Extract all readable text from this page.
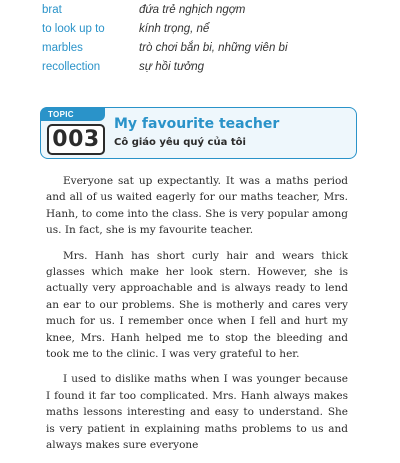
brat	đứa trẻ nghịch ngợm
to look up to	kính trọng, nể
marbles	trò chơi bắn bi, những viên bi
recollection	sự hồi tưởng
TOPIC
003
My favourite teacher
Cô giáo yêu quý của tôi

Everyone sat up expectantly. It was a maths period and all of us waited eagerly for our maths teacher, Mrs. Hanh, to come into the class. She is very popular among us. In fact, she is my favourite teacher.

Mrs. Hanh has short curly hair and wears thick glasses which make her look stern. However, she is actually very approachable and is always ready to lend an ear to our problems. She is motherly and cares very much for us. I remember once when I fell and hurt my knee, Mrs. Hanh helped me to stop the bleeding and took me to the clinic. I was very grateful to her.

I used to dislike maths when I was younger because I found it far too complicated. Mrs. Hanh always makes maths lessons interesting and easy to understand. She is very patient in explaining maths problems to us and always makes sure everyone
